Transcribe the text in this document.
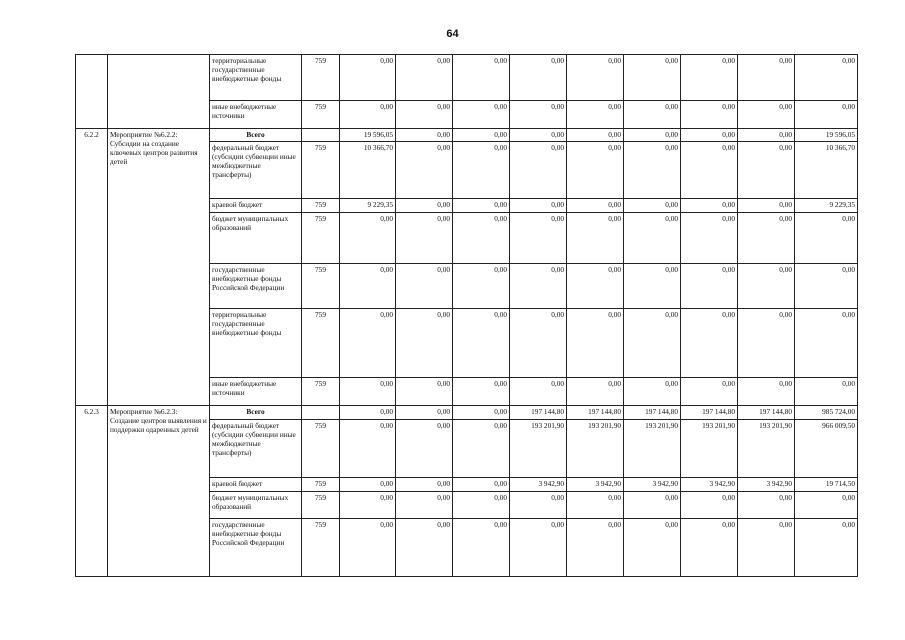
64
		территориальные государственные внебюджетные фонды	759	0,00	0,00	0,00	0,00	0,00	0,00	0,00	0,00	0,00
		иные внебюджетные источники	759	0,00	0,00	0,00	0,00	0,00	0,00	0,00	0,00	0,00
6.2.2	Мероприятие №6.2.2: Субсидии на создание ключевых центров развития детей	Всего		19 596,05	0,00	0,00	0,00	0,00	0,00	0,00	0,00	19 596,05
		федеральный бюджет (субсидии субвенции иные межбюджетные трансферты)	759	10 366,70	0,00	0,00	0,00	0,00	0,00	0,00	0,00	10 366,70
		краевой бюджет	759	9 229,35	0,00	0,00	0,00	0,00	0,00	0,00	0,00	9 229,35
		бюджет муниципальных образований	759	0,00	0,00	0,00	0,00	0,00	0,00	0,00	0,00	0,00
		государственные внебюджетные фонды Российской Федерации	759	0,00	0,00	0,00	0,00	0,00	0,00	0,00	0,00	0,00
		территориальные государственные внебюджетные фонды	759	0,00	0,00	0,00	0,00	0,00	0,00	0,00	0,00	0,00
		иные внебюджетные источники	759	0,00	0,00	0,00	0,00	0,00	0,00	0,00	0,00	0,00
6.2.3	Мероприятие №6.2.3: Создание центров выявления и поддержки одаренных детей	Всего		0,00	0,00	0,00	197 144,80	197 144,80	197 144,80	197 144,80	197 144,80	985 724,00
		федеральный бюджет (субсидии субвенции иные межбюджетные трансферты)	759	0,00	0,00	0,00	193 201,90	193 201,90	193 201,90	193 201,90	193 201,90	966 009,50
		краевой бюджет	759	0,00	0,00	0,00	3 942,90	3 942,90	3 942,90	3 942,90	3 942,90	19 714,50
		бюджет муниципальных образований	759	0,00	0,00	0,00	0,00	0,00	0,00	0,00	0,00	0,00
		государственные внебюджетные фонды Российской Федерации	759	0,00	0,00	0,00	0,00	0,00	0,00	0,00	0,00	0,00
